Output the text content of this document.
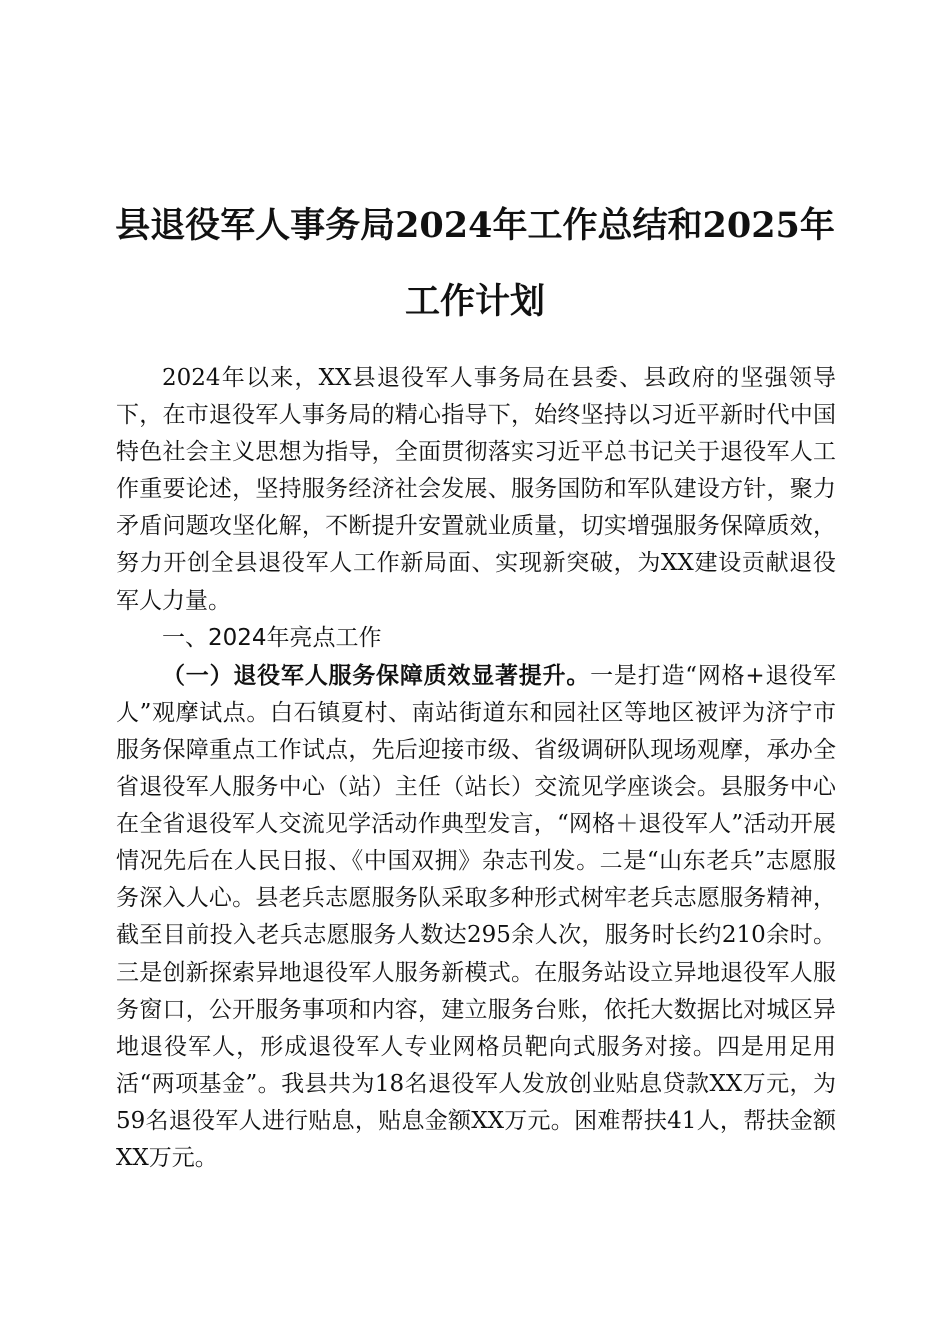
县退役军人事务局2024年工作总结和2025年
工作计划

2024年以来，XX县退役军人事务局在县委、县政府的坚强领导下，在市退役军人事务局的精心指导下，始终坚持以习近平新时代中国特色社会主义思想为指导，全面贯彻落实习近平总书记关于退役军人工作重要论述，坚持服务经济社会发展、服务国防和军队建设方针，聚力矛盾问题攻坚化解，不断提升安置就业质量，切实增强服务保障质效，努力开创全县退役军人工作新局面、实现新突破，为XX建设贡献退役军人力量。

一、2024年亮点工作

（一）退役军人服务保障质效显著提升。一是打造“网格+退役军人”观摩试点。白石镇夏村、南站街道东和园社区等地区被评为济宁市服务保障重点工作试点，先后迎接市级、省级调研队现场观摩，承办全省退役军人服务中心（站）主任（站长）交流见学座谈会。县服务中心在全省退役军人交流见学活动作典型发言，“网格＋退役军人”活动开展情况先后在人民日报、《中国双拥》杂志刊发。二是“山东老兵”志愿服务深入人心。县老兵志愿服务队采取多种形式树牢老兵志愿服务精神，截至目前投入老兵志愿服务人数达295余人次，服务时长约210余时。三是创新探索异地退役军人服务新模式。在服务站设立异地退役军人服务窗口，公开服务事项和内容，建立服务台账，依托大数据比对城区异地退役军人，形成退役军人专业网格员靶向式服务对接。四是用足用活“两项基金”。我县共为18名退役军人发放创业贴息贷款XX万元，为59名退役军人进行贴息，贴息金额XX万元。困难帮扶41人，帮扶金额XX万元。
